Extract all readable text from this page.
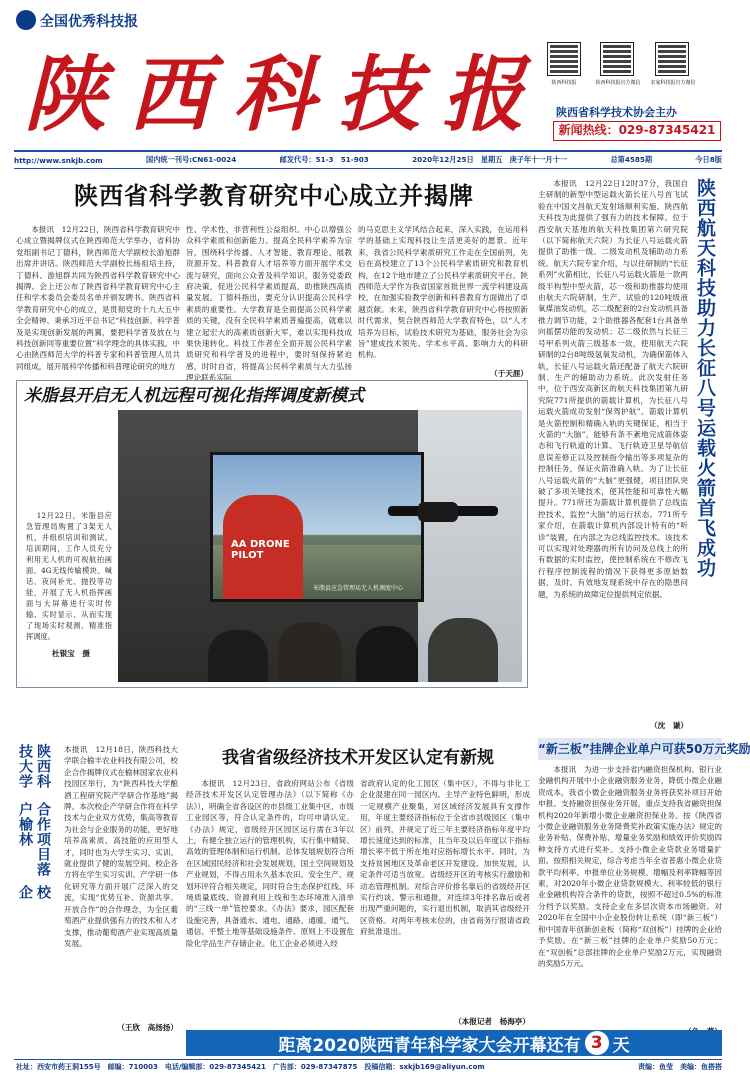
全国优秀科技报
陕 西 科 技 报	陕西科技报	陕西科技报官方微信	农家科技报官方微信
陕西省科学技术协会主办
新闻热线：029-87345421
http://www.snkjb.com	国内统一刊号:CN61-0024	邮发代号：51-3　51-903	2020年12月25日　星期五　庚子年十一月十一	总第4585期	今日8版
陕西省科学教育研究中心成立并揭牌
本报讯　12月22日，陕西省科学教育研究中心成立暨揭牌仪式在陕西师范大学举办，省科协党组副书记丁德科，陕西师范大学副校长游旭群出席并讲话。陕西师范大学副校长杨祖培主持，丁德科、游旭群共同为陕西省科学教育研究中心揭牌。会上还公布了陕西省科学教育研究中心主任和学术委员会委员名单并颁发聘书。陕西省科学教育研究中心的成立，是贯彻党的十九大五中全会精神、秉承习近平总书记“科技创新、科学普及是实现创新发展的两翼，要把科学普及放在与科技创新同等重要位置”科学理念的具体实践。中心由陕西师范大学的科普专家和科普管理人员共同组成，展开展科学传播和科普理论研究的地方
性、学术性、非营利性公益组织。中心以增强公众科学素质和创新能力、提高全民科学素养为宗旨，围绕科学传播、人才智能、教育理论、展教资源开发、科普教育人才培养等方面开展学术交流与研究，面向公众普及科学知识，服务党委政府决策，促进公民科学素质提高，助推陕西高质量发展。丁德科指出，要充分认识提高公民科学素质的重要性。大学教育是全面提高公民科学素质的关键，没有全民科学素质普遍提高，就难以建立起宏大的高素质创新大军，难以实现科技成果快速转化。科技工作者在全面开展公民科学素质研究和科学普及的进程中，要时刻保持紧迫感，时时自省，将提高公民科学素质与大力弘扬理论联系实际
的马克思主义学风结合起来，深入实践，在运用科学的基础上实现科技让生活更美好的愿景。近年来，我省公民科学素质研究工作走在全国前列，先后在高校建立了13个公民科学素质研究和教育机构，在12个地市建立了公民科学素质研究平台。陕西师范大学作为我省国家首批世界一流学科建设高校，在加强实验教学创新和科普教育方面做出了卓越贡献。未来，陕西省科学教育研究中心将按照新时代需求，契合陕西师范大学教育特色，以“人才培养为目标，试验技术研究为基础，服务社会为宗旨”建成技术领先、学术水平高、影响力大的科研机构。
（于天涯）
米脂县开启无人机远程可视化指挥调度新模式
12月22日，米脂县应急管理局购置了3架无人机，并组织培训和测试。培训期间，工作人员充分利用无人机的可视航拍画面、4G无线传输模块、喊话、夜间补光、抛投等功能，开展了无人机指挥画面与大屏幕进行实时传输、实时显示、从而实现了现场实时观测、精准指挥调度。
杜银宝　摄
AA DRONE PILOT
米脂县应急管理局无人机调度中心
陕西航天科技助力长征八号运载火箭首飞成功
本报讯　12月22日12时37分，我国自主研制的新型中型运载火箭长征八号首飞试验在中国文昌航天发射场顺利实施。陕西航天科技为此提供了强有力的技术保障。位于西安航天基地的航天科技集团第六研究院（以下简称航天六院）为长征八号运载火箭提供了助推一级、二级发动机及辅助动力系统。航天六院专家介绍，与以往研制的“长征系列”火箭相比，长征八号运载火箭是一款两级半构型中型火箭，芯一级和助推器均使用由航天六院研制、生产、试验的120吨级液氧煤油发动机，芯二级配套的2台发动机具备推力调节功能，2个助推器各配套1台具备单向摇摆功能的发动机；芯二级依然与长征三号甲系列火箭三级基本一致，使用航天六院研制的2台8吨级氢氧发动机，为确保箭体入轨，长征八号运载火箭还配备了航天六院研制、生产的辅助动力系统。此次发射任务中，位于西安高新区的航天科技集团第九研究院771所提供的箭载计算机，为长征八号运载火箭成功发射“保驾护航”。箭载计算机是火箭控制和精确入轨的关键保证，相当于火箭的“大脑”，能够有条不紊地完成箭体姿态和飞行轨道的计算、飞行轨迹卫星导航信息误差修正以及控制指令输出等多项复杂的控制任务，保证火箭准确入轨。为了让长征八号运载火箭的“大脑”更强健，项目团队突破了多项关键技术，使其性能和可靠性大幅提升。771所还为箭载计算机提供了总线监控技术，监控“大脑”的运行状态。771所专家介绍，在箭载计算机内部设计特有的“听诊”装置，在内部之为总线监控技术。该技术可以实现对处理器的所有访问及总线上的所有数据的实时监控，使控制系统在不修改飞行程序控制流程的情况下获得更多原始数据，及时、有效地发现系统中存在的隐患问题，为系统的故障定位提供判定依据。
（沈　谦）
“新三板”挂牌企业单户可获50万元奖励
本报讯　为进一步支持省内融资担保机构、银行业金融机构开展中小企业融资服务业务，降低小微企业融资成本，我省小微企业融资服务业务将获奖补项目开始申报。支持融资担保业务开展，重点支持我省融资担保机构2020年新增小微企业融资担保业务。按《陕西省小微企业融资服务业务降费奖补政策实施办法》规定的业务补贴、保费补贴、增量业务奖励和绩效评价奖励四种支持方式进行奖补。支持小微企业贷款业务增量扩面。按照相关规定，综合考虑当年全省普惠小微企业贷款平均利率、申报单位业务规模、增幅及利率降幅等因素，对2020年小微企业贷款规模大、利率较低的银行业金融机构符合条件的贷款，按照不超过0.5%的标准分档予以奖励。支持企业在多层次资本市场融资。对2020年在全国中小企业股份转让系统（即“新三板”）和中国青年创新创业板（简称“双创板”）挂牌的企业给予奖励。在“新三板”挂牌的企业单户奖励50万元；在“双创板”总部挂牌的企业单户奖励2万元，实现融资的奖励5万元。
陕西科技大学
合作项目落户榆林
校企
本报讯　12月18日，陕西科技大学联合榆丰农业科技有限公司，校企合作揭牌仪式在榆林国家农业科技园区举行，为“陕西科技大学酿酒工程研究院产学研合作基地”揭牌。本次校企产学研合作将在科学技术与企业双方优势，集高等教育为社会与企业服务的功能，更好地培养高素质、高技能的应用型人才，同时也为大学生实习、实训、就业提供了健的发展空间。校企各方将在学生实习实训、产学研一体化研究等方面开展广泛深入的交流，实现“优势互补、资源共享、开放合作”的合作理念，为全区葡萄酒产业提供强有力的技术和人才支撑，推动葡萄酒产业实现高质量发展。
（王欣　高扬扬）
我省省级经济技术开发区认定有新规
本报讯　12月23日，省政府网站公布《省级经济技术开发区认定管理办法》（以下简称《办法》），明确全省各设区的市县级工业集中区、市级工业园区等，符合认定条件的，均可申请认定。《办法》规定，省级经开区园区运行需在3年以上，有健全独立运行的管理机构，实行集中精简、高效的管理体制和运行机制。总体发展规划符合所在区域国民经济和社会发展规划，国土空间规划及产业规划，不得占用永久基本农田。安全生产、规划环评符合相关规定，同时符合生态保护红线、环境质量底线、资源利用上线和生态环境准入清单的“三线一单”管控要求。《办法》要求，园区配套设施完善，具备通水、通电、通路、通暖、通气、通信、平整土地等基础设施条件。原则上不设置危险化学品生产存储企业。化工企业必须进入经
省政府认定的化工园区（集中区），不得与非化工企业混建在同一园区内。主导产业特色鲜明，形成一定规模产业聚集，对区域经济发展具有支撑作用，年度主要经济指标位于全省市县级园区（集中区）前列，并规定了近三年主要经济指标年度平均增长速度达到的标准，且当年及以后年度以下指标增长率不低于所在地对应指标增长水平。同时，为支持贫困地区及革命老区开发建设、加快发展，认定条件可适当放宽。省级经开区的考核实行激励和动态管理机制。对综合评价排名靠后的省级经开区实行约谈、警示和通报，对连续3年排名靠后或者出现严重问题的，实行退出机制，取消其省级经开区资格。对两年考核末位的，由省商务厅报请省政府批准退出。
（本报记者　杨海亭）
距离2020陕西青年科学家大会开幕还有 3 天
社址：西安市药王洞155号　邮编：710003　电话/编辑部：029-87345421　广告部：029-87347875　投稿信箱：sxkjb169@aliyun.com	责编：鱼莹　美编：鱼搭搭
